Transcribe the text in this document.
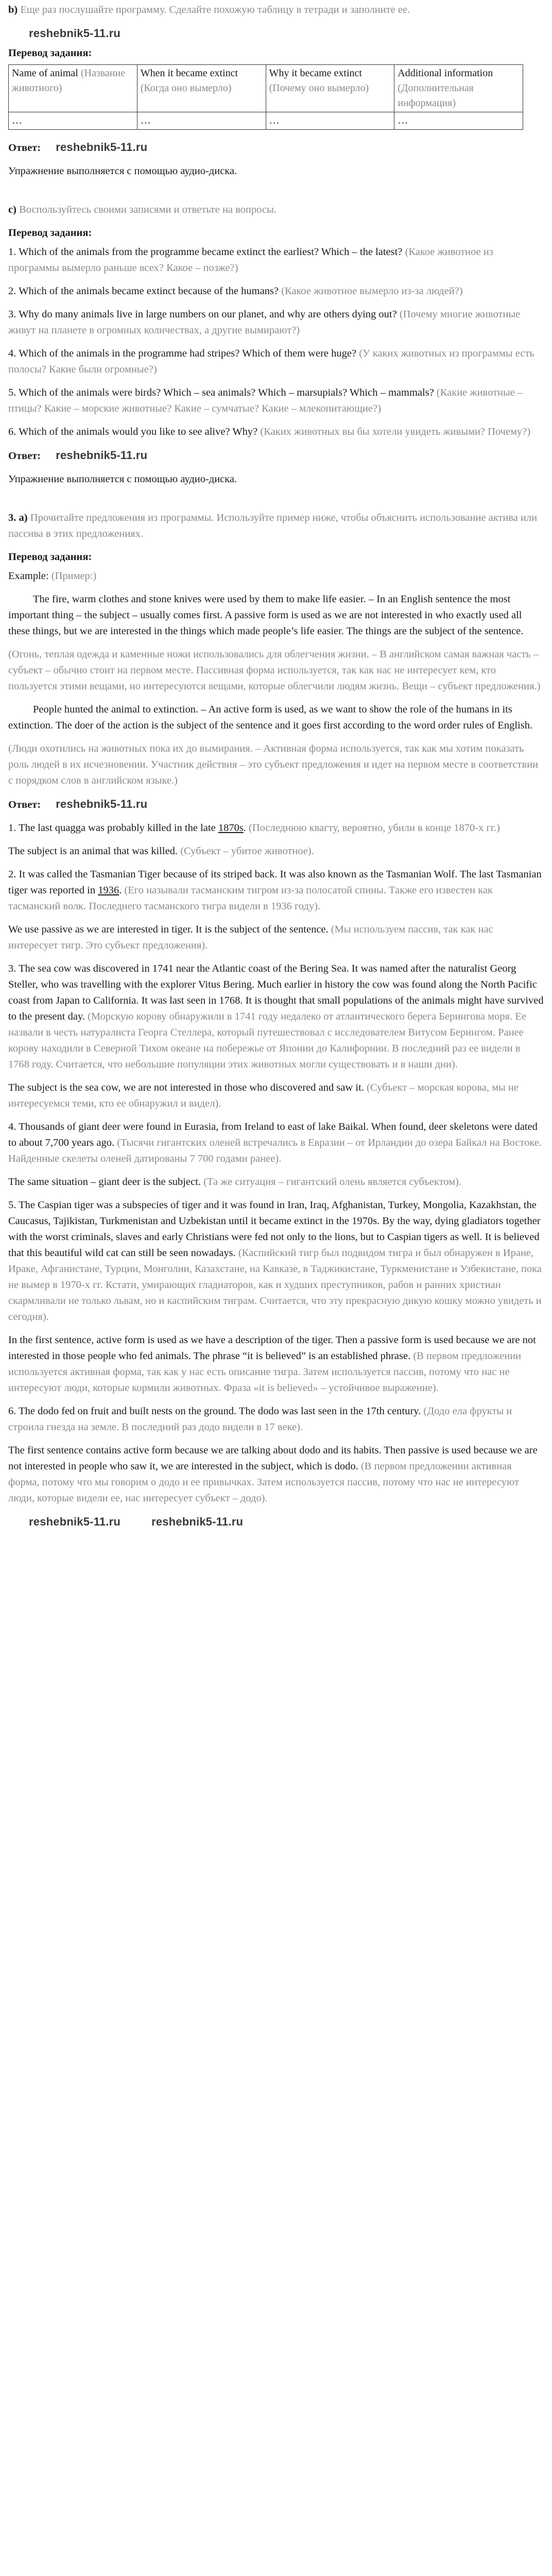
b) Еще раз послушайте программу. Сделайте похожую таблицу в тетради и заполните ее.

reshebnik5-11.ru
Перевод задания:
Name of animal (Название животного)	When it became extinct (Когда оно вымерло)	Why it became extinct (Почему оно вымерло)	Additional information (Дополнительная информация)
…	…	…	…

Ответ: reshebnik5-11.ru

Упражнение выполняется с помощью аудио-диска.

c) Воспользуйтесь своими записями и ответьте на вопросы.

Перевод задания:

1. Which of the animals from the programme became extinct the earliest? Which – the latest? (Какое животное из программы вымерло раньше всех? Какое – позже?)

2. Which of the animals became extinct because of the humans? (Какое животное вымерло из-за людей?)

3. Why do many animals live in large numbers on our planet, and why are others dying out? (Почему многие животные живут на планете в огромных количествах, а другие вымирают?)

4. Which of the animals in the programme had stripes? Which of them were huge? (У каких животных из программы есть полосы? Какие были огромные?)

5. Which of the animals were birds? Which – sea animals? Which – marsupials? Which – mammals? (Какие животные – птицы? Какие – морские животные? Какие – сумчатые? Какие – млекопитающие?)

6. Which of the animals would you like to see alive? Why? (Каких животных вы бы хотели увидеть живыми? Почему?)

Ответ: reshebnik5-11.ru

Упражнение выполняется с помощью аудио-диска.

3. а) Прочитайте предложения из программы. Используйте пример ниже, чтобы объяснить использование актива или пассива в этих предложениях.

Перевод задания:

Example: (Пример:)

The fire, warm clothes and stone knives were used by them to make life easier. – In an English sentence the most important thing – the subject – usually comes first. A passive form is used as we are not interested in who exactly used all these things, but we are interested in the things which made people’s life easier. The things are the subject of the sentence.

(Огонь, теплая одежда и каменные ножи использовались для облегчения жизни. – В английском самая важная часть – субъект – обычно стоит на первом месте. Пассивная форма используется, так как нас не интересует кем, кто пользуется этими вещами, но интересуются вещами, которые облегчили людям жизнь. Вещи – субъект предложения.)

People hunted the animal to extinction. – An active form is used, as we want to show the role of the humans in its extinction. The doer of the action is the subject of the sentence and it goes first according to the word order rules of English.

(Люди охотились на животных пока их до вымирания. – Активная форма используется, так как мы хотим показать роль людей в их исчезновении. Участник действия – это субъект предложения и идет на первом месте в соответствии с порядком слов в английском языке.)

Ответ: reshebnik5-11.ru

1. The last quagga was probably killed in the late 1870s. (Последнюю квагту, вероятно, убили в конце 1870-х гг.)

The subject is an animal that was killed. (Субъект – убитое животное).

2. It was called the Tasmanian Tiger because of its striped back. It was also known as the Tasmanian Wolf. The last Tasmanian tiger was reported in 1936. (Его называли тасманским тигром из-за полосатой спины. Также его известен как тасманский волк. Последнего тасманского тигра видели в 1936 году).

We use passive as we are interested in tiger. It is the subject of the sentence. (Мы используем пассив, так как нас интересует тигр. Это субъект предложения).

3. The sea cow was discovered in 1741 near the Atlantic coast of the Bering Sea. It was named after the naturalist Georg Steller, who was travelling with the explorer Vitus Bering. Much earlier in history the cow was found along the North Pacific coast from Japan to California. It was last seen in 1768. It is thought that small populations of the animals might have survived to the present day. (Морскую корову обнаружили в 1741 году недалеко от атлантического берега Берингова моря. Ее назвали в честь натуралиста Георга Стеллера, который путешествовал с исследователем Витусом Берингом. Ранее корову находили в Северной Тихом океане на побережье от Японии до Калифорнии. В последний раз ее видели в 1768 году. Считается, что небольшие популяции этих животных могли существовать и в наши дни).

The subject is the sea cow, we are not interested in those who discovered and saw it. (Субъект – морская корова, мы не интересуемся теми, кто ее обнаружил и видел).

4. Thousands of giant deer were found in Eurasia, from Ireland to east of lake Baikal. When found, deer skeletons were dated to about 7,700 years ago. (Тысячи гигантских оленей встречались в Евразии – от Ирландии до озера Байкал на Востоке. Найденные скелеты оленей датированы 7 700 годами ранее).

The same situation – giant deer is the subject. (Та же ситуация – гигантский олень является субъектом).

5. The Caspian tiger was a subspecies of tiger and it was found in Iran, Iraq, Afghanistan, Turkey, Mongolia, Kazakhstan, the Caucasus, Tajikistan, Turkmenistan and Uzbekistan until it became extinct in the 1970s. By the way, dying gladiators together with the worst criminals, slaves and early Christians were fed not only to the lions, but to Caspian tigers as well. It is believed that this beautiful wild cat can still be seen nowadays. (Каспийский тигр был подвидом тигра и был обнаружен в Иране, Ираке, Афганистане, Турции, Монголии, Казахстане, на Кавказе, в Таджикистане, Туркменистане и Узбекистане, пока не вымер в 1970-х гг. Кстати, умирающих гладиаторов, как и худших преступников, рабов и ранних христиан скармливали не только львам, но и каспийским тиграм. Считается, что эту прекрасную дикую кошку можно увидеть и сегодня).

In the first sentence, active form is used as we have a description of the tiger. Then a passive form is used because we are not interested in those people who fed animals. The phrase “it is believed” is an established phrase. (В первом предложении используется активная форма, так как у нас есть описание тигра. Затем используется пассив, потому что нас не интересуют люди, которые кормили животных. Фраза «it is believed» – устойчивое выражение).

6. The dodo fed on fruit and built nests on the ground. The dodo was last seen in the 17th century. (Додо ела фрукты и строила гнезда на земле. В последний раз додо видели в 17 веке).

The first sentence contains active form because we are talking about dodo and its habits. Then passive is used because we are not interested in people who saw it, we are interested in the subject, which is dodo. (В первом предложении активная форма, потому что мы говорим о додо и ее привычках. Затем используется пассив, потому что нас не интересуют люди, которые видели ее, нас интересует субъект – додо).

reshebnik5-11.ru	reshebnik5-11.ru
